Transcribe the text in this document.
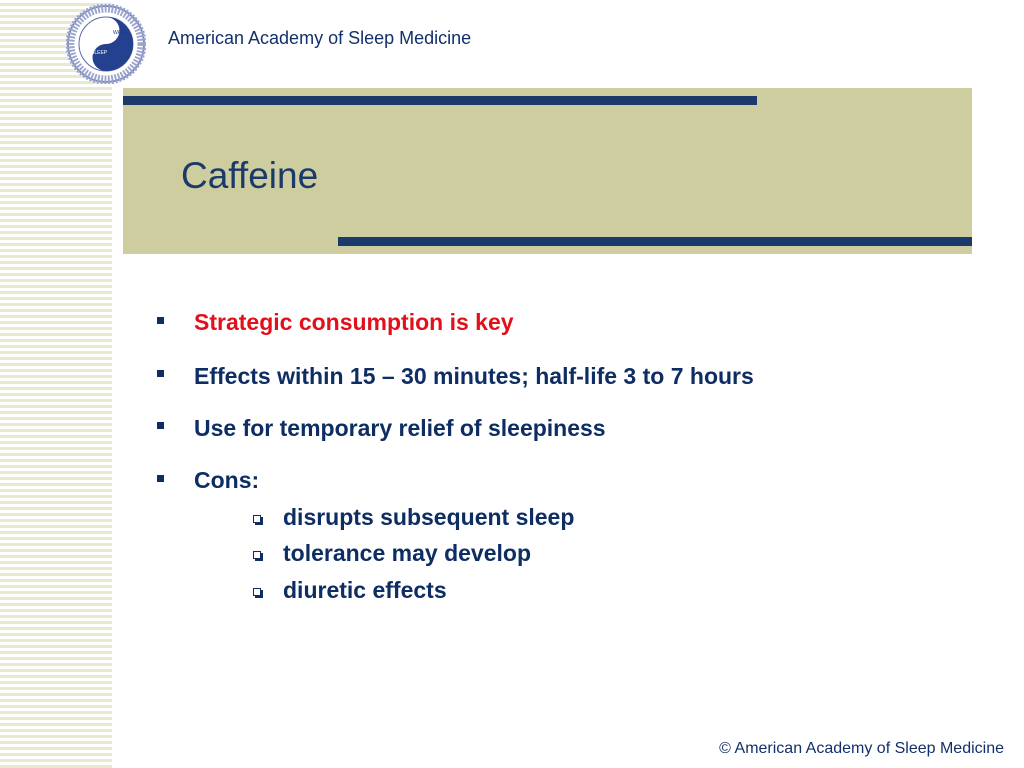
WAKE
SLEEP
American Academy of Sleep Medicine
Caffeine
Strategic consumption is key
Effects within 15 – 30 minutes; half-life 3 to 7 hours
Use for temporary relief of sleepiness
Cons:
disrupts subsequent sleep
tolerance may develop
diuretic effects
© American Academy of Sleep Medicine
